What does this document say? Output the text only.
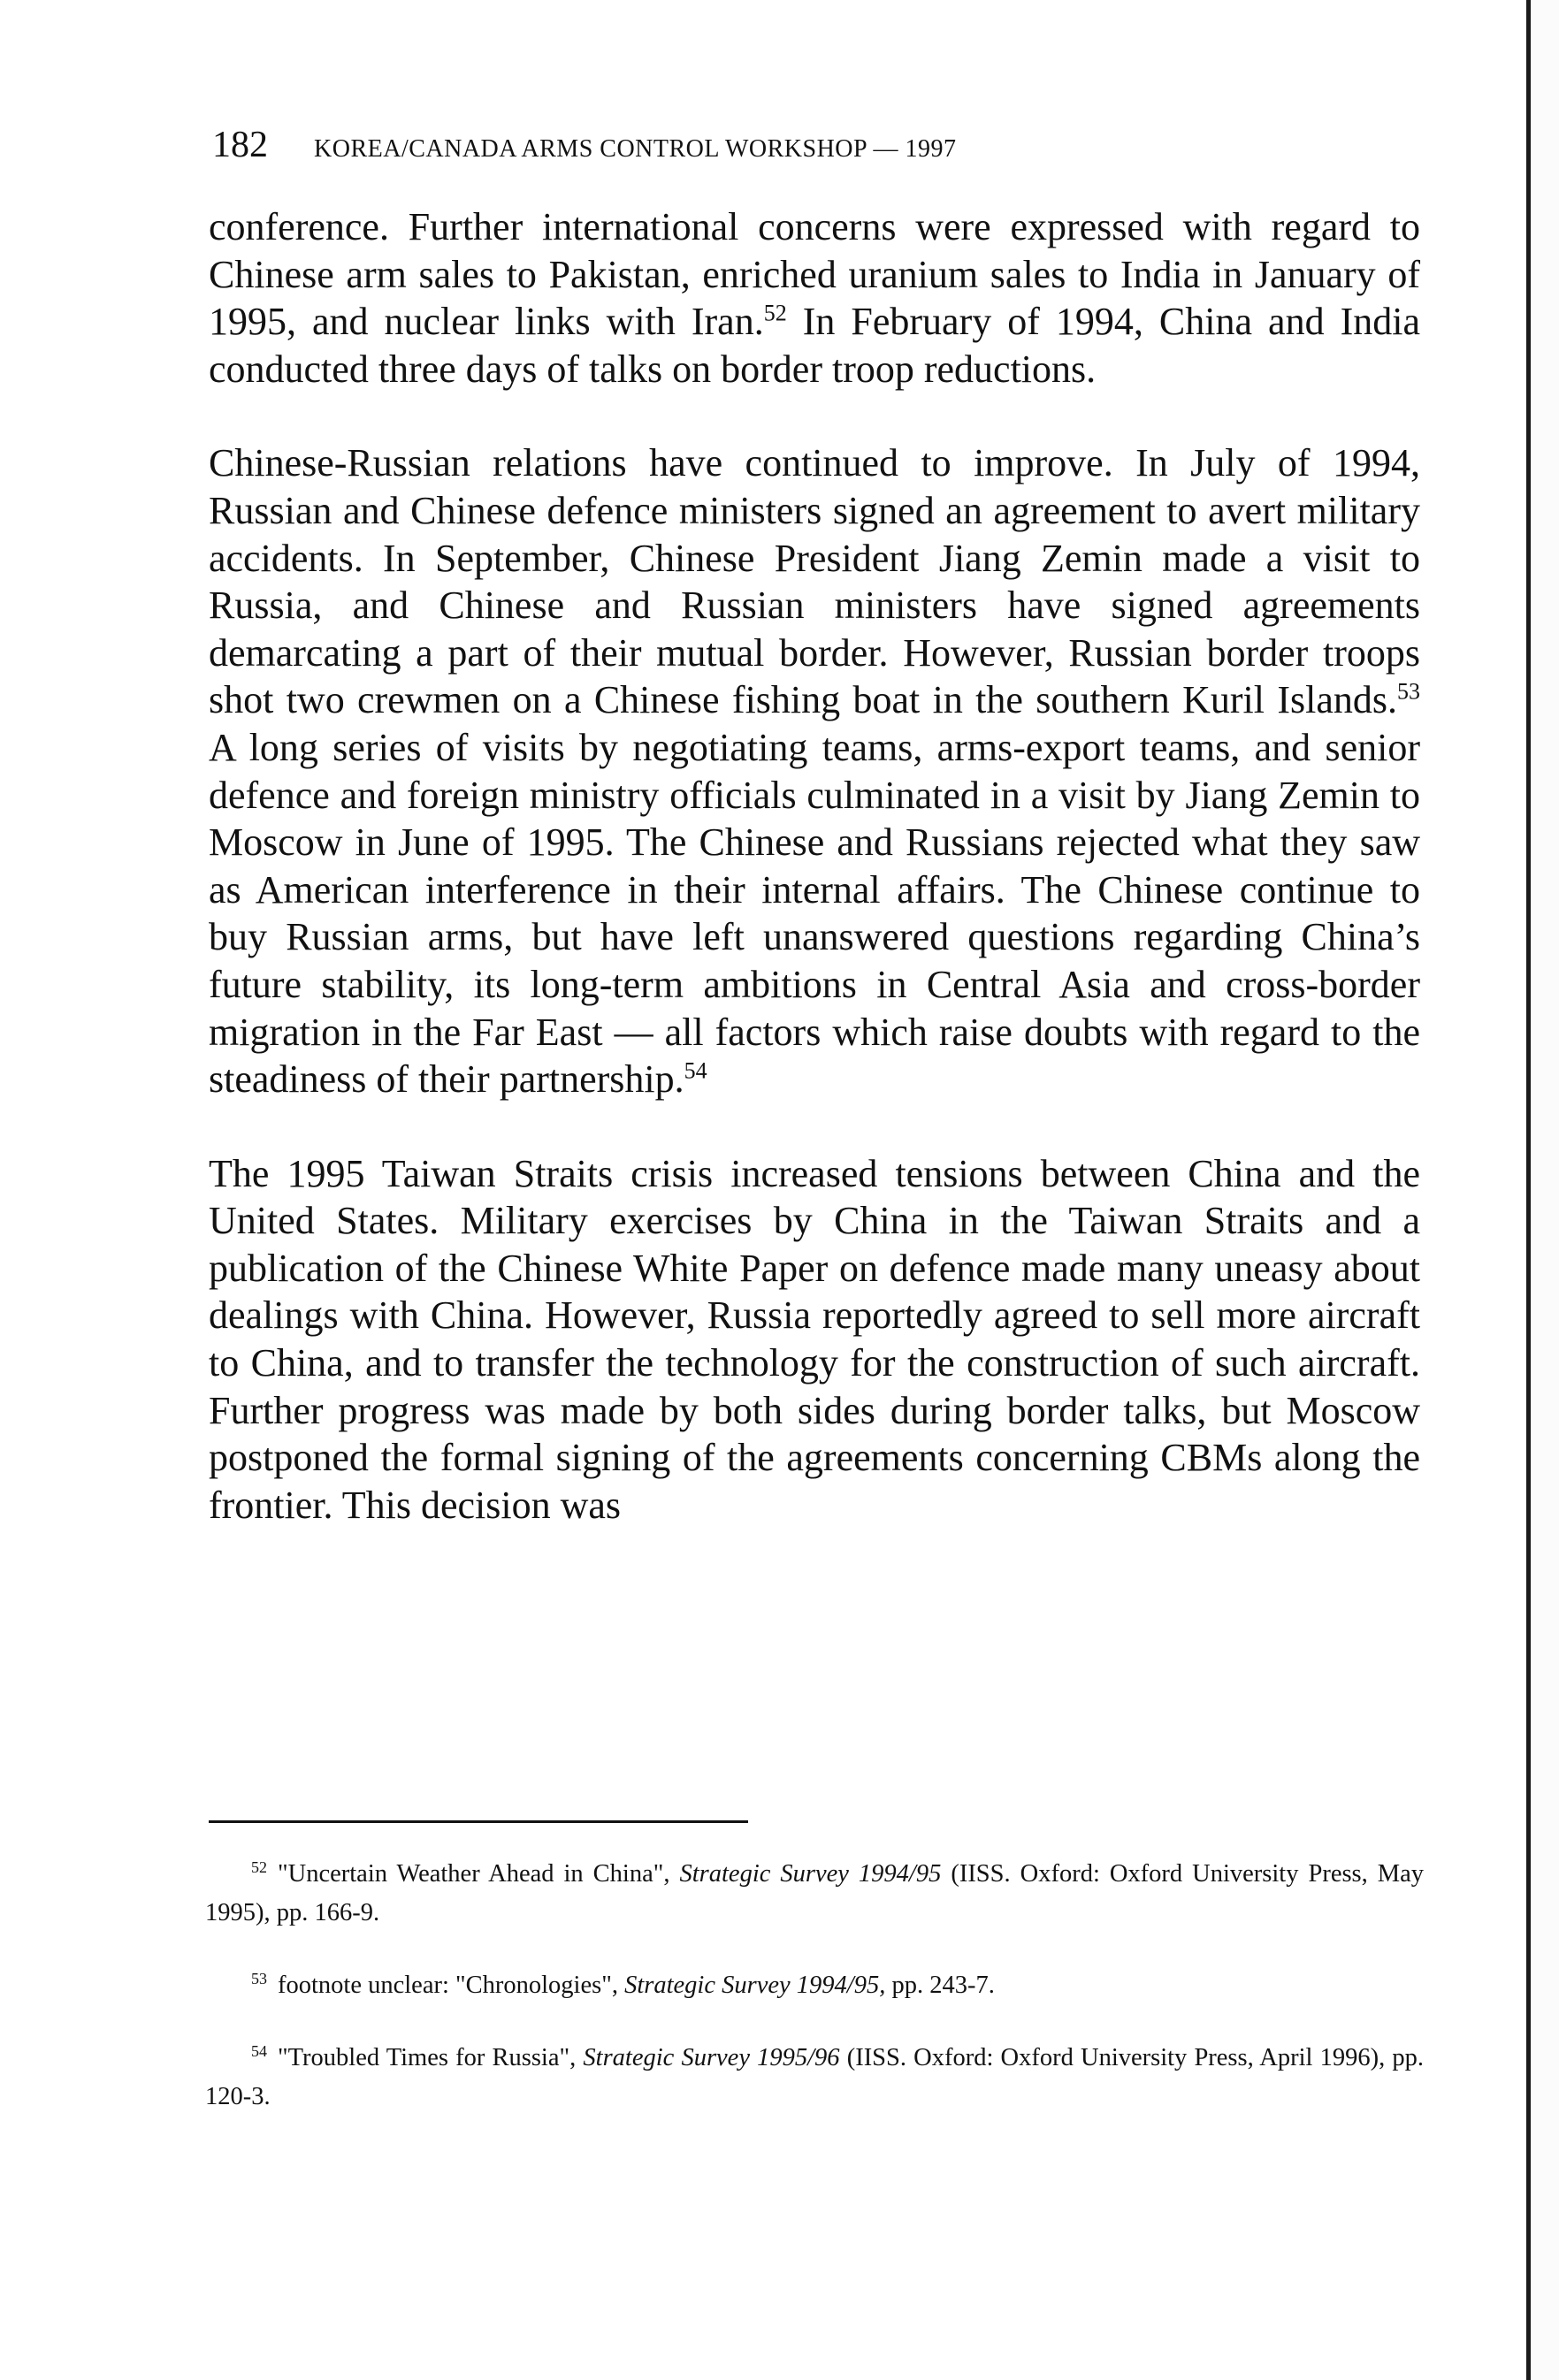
182 KOREA/CANADA ARMS CONTROL WORKSHOP — 1997

conference. Further international concerns were expressed with regard to Chinese arm sales to Pakistan, enriched uranium sales to India in January of 1995, and nuclear links with Iran.$^{52}$ In February of 1994, China and India conducted three days of talks on border troop reductions.

Chinese-Russian relations have continued to improve. In July of 1994, Russian and Chinese defence ministers signed an agreement to avert military accidents. In September, Chinese President Jiang Zemin made a visit to Russia, and Chinese and Russian ministers have signed agreements demarcating a part of their mutual border. However, Russian border troops shot two crewmen on a Chinese fishing boat in the southern Kuril Islands.$^{53}$ A long series of visits by negotiating teams, arms-export teams, and senior defence and foreign ministry officials culminated in a visit by Jiang Zemin to Moscow in June of 1995. The Chinese and Russians rejected what they saw as American interference in their internal affairs. The Chinese continue to buy Russian arms, but have left unanswered questions regarding China’s future stability, its long-term ambitions in Central Asia and cross-border migration in the Far East — all factors which raise doubts with regard to the steadiness of their partnership.$^{54}$

The 1995 Taiwan Straits crisis increased tensions between China and the United States. Military exercises by China in the Taiwan Straits and a publication of the Chinese White Paper on defence made many uneasy about dealings with China. However, Russia reportedly agreed to sell more aircraft to China, and to transfer the technology for the construction of such aircraft. Further progress was made by both sides during border talks, but Moscow postponed the formal signing of the agreements concerning CBMs along the frontier. This decision was

$^{52}$ "Uncertain Weather Ahead in China", Strategic Survey 1994/95 (IISS. Oxford: Oxford University Press, May 1995), pp. 166-9.

$^{53}$ footnote unclear: "Chronologies", Strategic Survey 1994/95, pp. 243-7.

$^{54}$ "Troubled Times for Russia", Strategic Survey 1995/96 (IISS. Oxford: Oxford University Press, April 1996), pp. 120-3.
